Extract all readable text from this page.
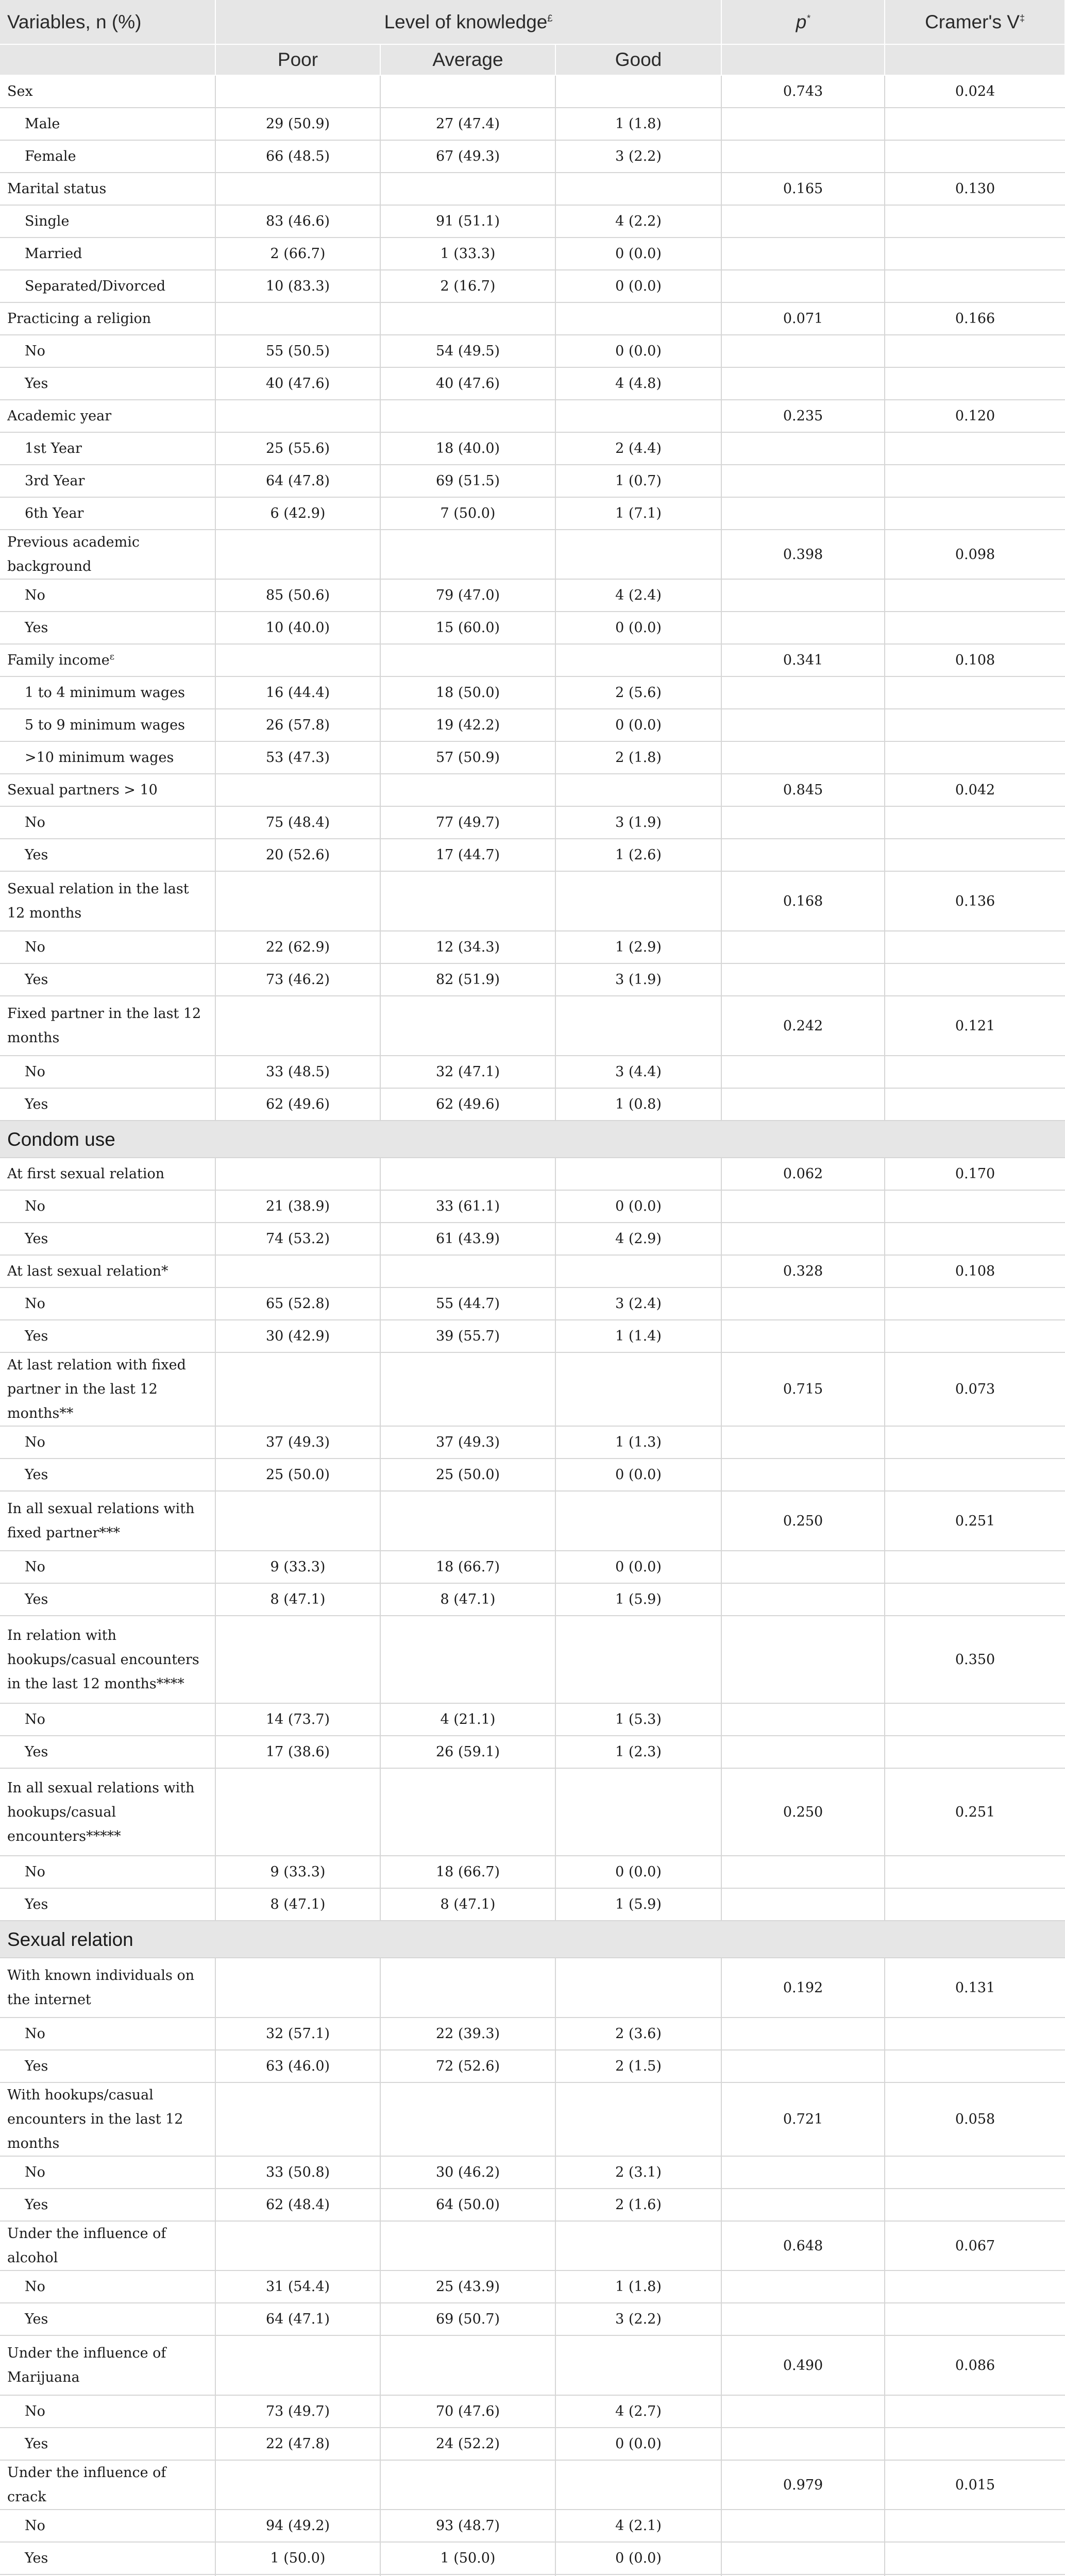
Variables, n (%)	Level of knowledge£			p*	Cramer's V‡
	Poor	Average	Good		
Sex				0.743	0.024
Male	29 (50.9)	27 (47.4)	1 (1.8)		
Female	66 (48.5)	67 (49.3)	3 (2.2)		
Marital status				0.165	0.130
Single	83 (46.6)	91 (51.1)	4 (2.2)		
Married	2 (66.7)	1 (33.3)	0 (0.0)		
Separated/Divorced	10 (83.3)	2 (16.7)	0 (0.0)		
Practicing a religion				0.071	0.166
No	55 (50.5)	54 (49.5)	0 (0.0)		
Yes	40 (47.6)	40 (47.6)	4 (4.8)		
Academic year				0.235	0.120
1st Year	25 (55.6)	18 (40.0)	2 (4.4)		
3rd Year	64 (47.8)	69 (51.5)	1 (0.7)		
6th Year	6 (42.9)	7 (50.0)	1 (7.1)		
Previous academic background				0.398	0.098
No	85 (50.6)	79 (47.0)	4 (2.4)		
Yes	10 (40.0)	15 (60.0)	0 (0.0)		
Family income$^ɛ$				0.341	0.108
1 to 4 minimum wages	16 (44.4)	18 (50.0)	2 (5.6)		
5 to 9 minimum wages	26 (57.8)	19 (42.2)	0 (0.0)		
>10 minimum wages	53 (47.3)	57 (50.9)	2 (1.8)		
Sexual partners > 10				0.845	0.042
No	75 (48.4)	77 (49.7)	3 (1.9)		
Yes	20 (52.6)	17 (44.7)	1 (2.6)		
Sexual relation in the last 12 months				0.168	0.136
No	22 (62.9)	12 (34.3)	1 (2.9)		
Yes	73 (46.2)	82 (51.9)	3 (1.9)		
Fixed partner in the last 12 months				0.242	0.121
No	33 (48.5)	32 (47.1)	3 (4.4)		
Yes	62 (49.6)	62 (49.6)	1 (0.8)		
Condom use					
At first sexual relation				0.062	0.170
No	21 (38.9)	33 (61.1)	0 (0.0)		
Yes	74 (53.2)	61 (43.9)	4 (2.9)		
At last sexual relation*				0.328	0.108
No	65 (52.8)	55 (44.7)	3 (2.4)		
Yes	30 (42.9)	39 (55.7)	1 (1.4)		
At last relation with fixed partner in the last 12 months**				0.715	0.073
No	37 (49.3)	37 (49.3)	1 (1.3)		
Yes	25 (50.0)	25 (50.0)	0 (0.0)		
In all sexual relations with fixed partner***				0.250	0.251
No	9 (33.3)	18 (66.7)	0 (0.0)		
Yes	8 (47.1)	8 (47.1)	1 (5.9)		
In relation with hookups/casual encounters in the last 12 months****					0.350
No	14 (73.7)	4 (21.1)	1 (5.3)		
Yes	17 (38.6)	26 (59.1)	1 (2.3)		
In all sexual relations with hookups/casual encounters*****				0.250	0.251
No	9 (33.3)	18 (66.7)	0 (0.0)		
Yes	8 (47.1)	8 (47.1)	1 (5.9)		
Sexual relation					
With known individuals on the internet				0.192	0.131
No	32 (57.1)	22 (39.3)	2 (3.6)		
Yes	63 (46.0)	72 (52.6)	2 (1.5)		
With hookups/casual encounters in the last 12 months				0.721	0.058
No	33 (50.8)	30 (46.2)	2 (3.1)		
Yes	62 (48.4)	64 (50.0)	2 (1.6)		
Under the influence of alcohol				0.648	0.067
No	31 (54.4)	25 (43.9)	1 (1.8)		
Yes	64 (47.1)	69 (50.7)	3 (2.2)		
Under the influence of Marijuana				0.490	0.086
No	73 (49.7)	70 (47.6)	4 (2.7)		
Yes	22 (47.8)	24 (52.2)	0 (0.0)		
Under the influence of crack				0.979	0.015
No	94 (49.2)	93 (48.7)	4 (2.1)		
Yes	1 (50.0)	1 (50.0)	0 (0.0)		
